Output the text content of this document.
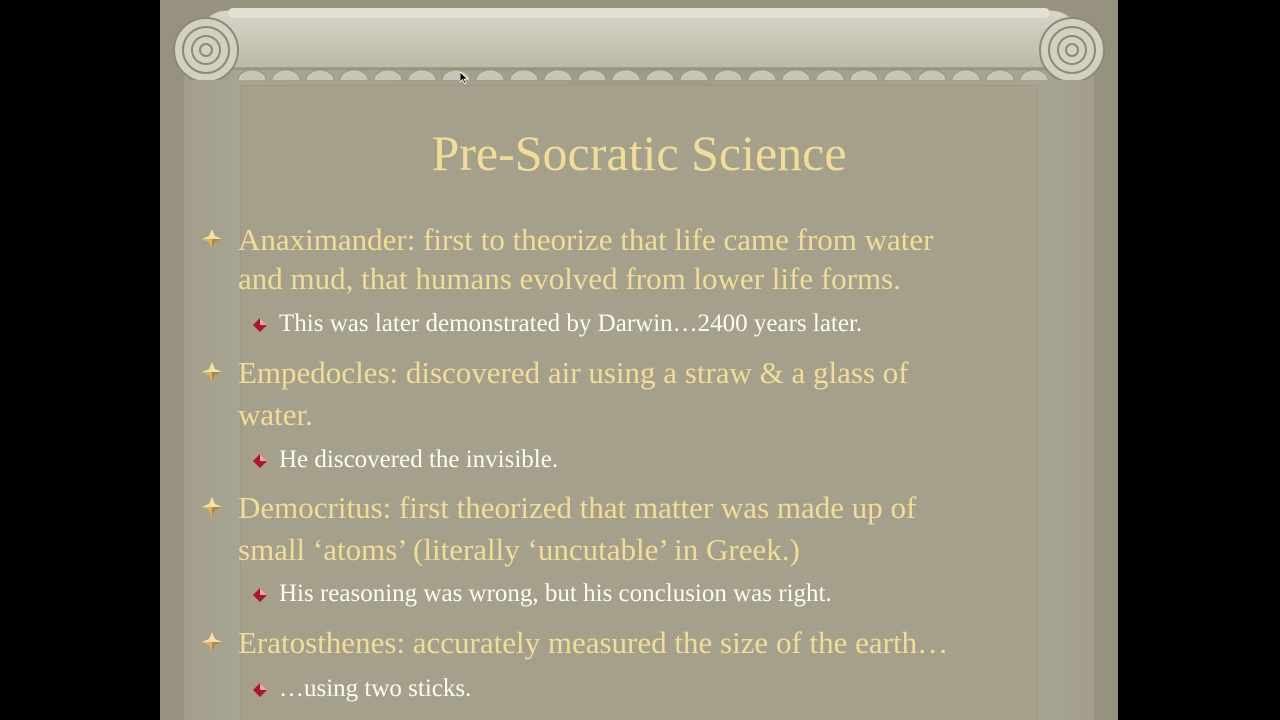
Pre-Socratic Science
Anaximander: first to theorize that life came from water
and mud, that humans evolved from lower life forms.
This was later demonstrated by Darwin…2400 years later.
Empedocles: discovered air using a straw & a glass of
water.
He discovered the invisible.
Democritus: first theorized that matter was made up of
small ‘atoms’ (literally ‘uncutable’ in Greek.)
His reasoning was wrong, but his conclusion was right.
Eratosthenes: accurately measured the size of the earth…
…using two sticks.
